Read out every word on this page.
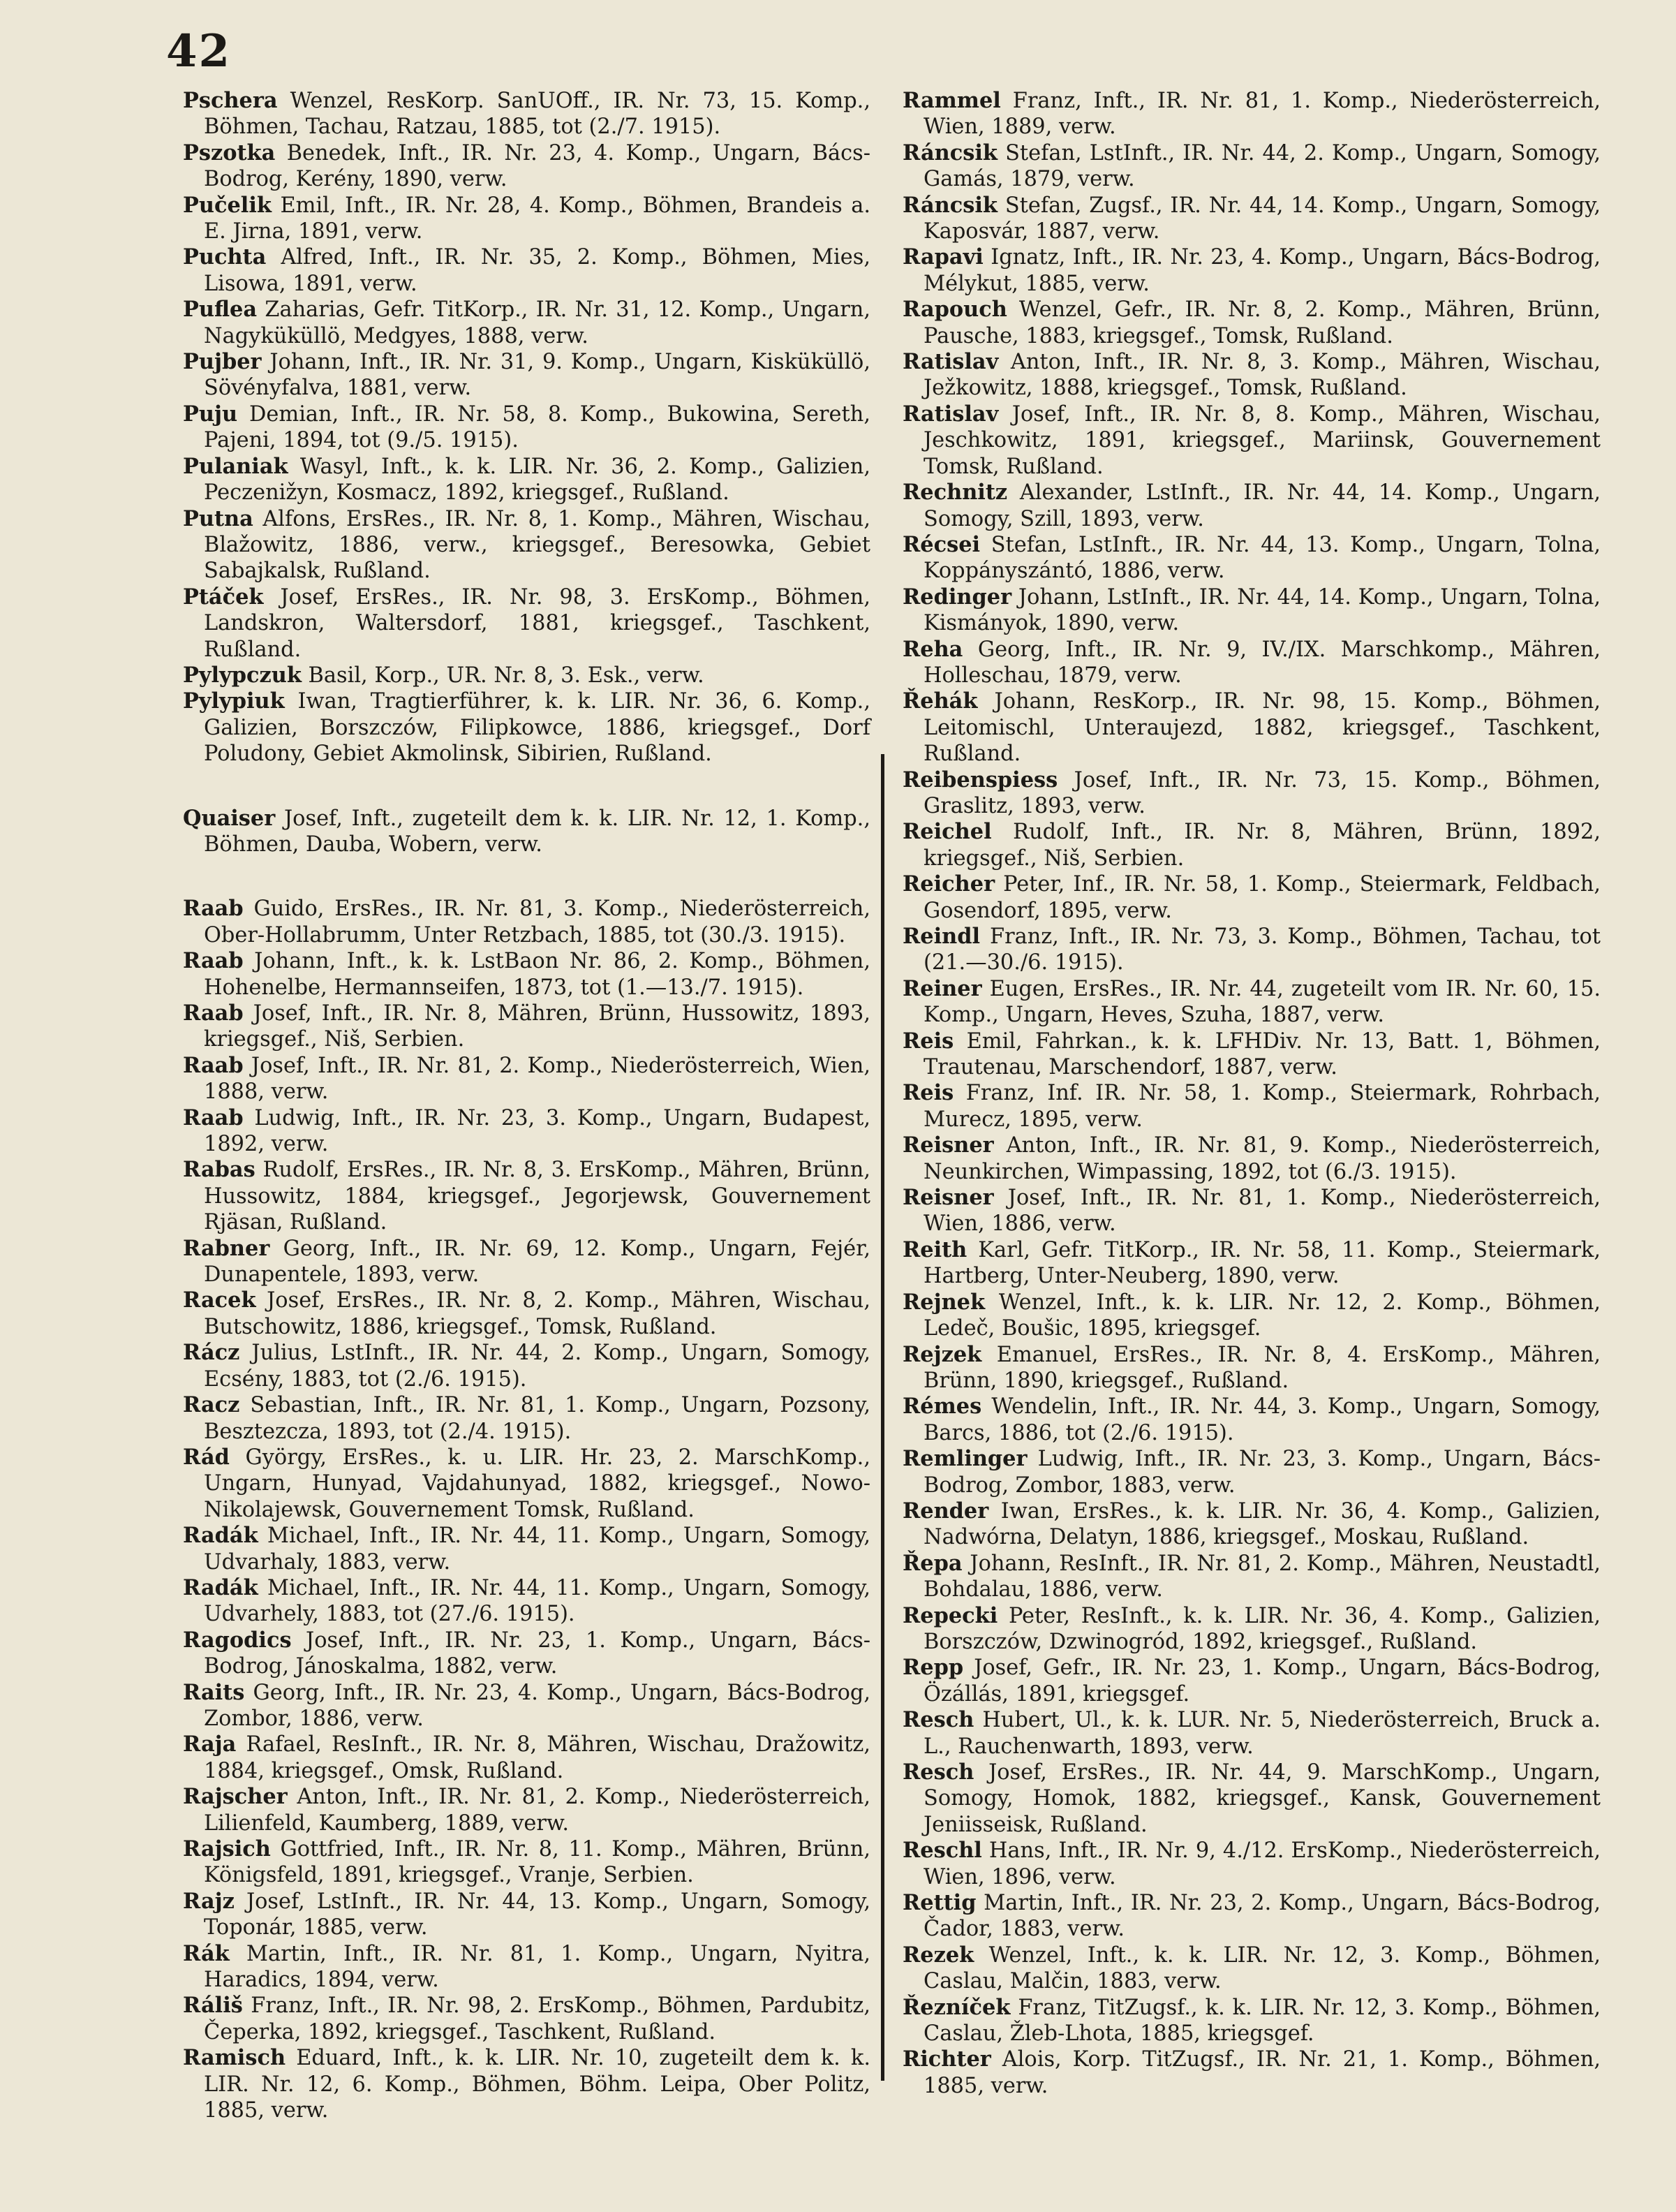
42

Pschera Wenzel, ResKorp. SanUOff., IR. Nr. 73, 15. Komp., Böhmen, Tachau, Ratzau, 1885, tot (2./7. 1915).

Pszotka Benedek, Inft., IR. Nr. 23, 4. Komp., Ungarn, Bács-Bodrog, Kerény, 1890, verw.

Pučelik Emil, Inft., IR. Nr. 28, 4. Komp., Böhmen, Brandeis a. E. Jirna, 1891, verw.

Puchta Alfred, Inft., IR. Nr. 35, 2. Komp., Böhmen, Mies, Lisowa, 1891, verw.

Puflea Zaharias, Gefr. TitKorp., IR. Nr. 31, 12. Komp., Ungarn, Nagyküküllö, Medgyes, 1888, verw.

Pujber Johann, Inft., IR. Nr. 31, 9. Komp., Ungarn, Kisküküllö, Sövényfalva, 1881, verw.

Puju Demian, Inft., IR. Nr. 58, 8. Komp., Bukowina, Sereth, Pajeni, 1894, tot (9./5. 1915).

Pulaniak Wasyl, Inft., k. k. LIR. Nr. 36, 2. Komp., Galizien, Peczenižyn, Kosmacz, 1892, kriegsgef., Rußland.

Putna Alfons, ErsRes., IR. Nr. 8, 1. Komp., Mähren, Wischau, Blažowitz, 1886, verw., kriegsgef., Beresowka, Gebiet Sabajkalsk, Rußland.

Ptáček Josef, ErsRes., IR. Nr. 98, 3. ErsKomp., Böhmen, Landskron, Waltersdorf, 1881, kriegsgef., Taschkent, Rußland.

Pylypczuk Basil, Korp., UR. Nr. 8, 3. Esk., verw.

Pylypiuk Iwan, Tragtierführer, k. k. LIR. Nr. 36, 6. Komp., Galizien, Borszczów, Filipkowce, 1886, kriegsgef., Dorf Poludony, Gebiet Akmolinsk, Sibirien, Rußland.

Quaiser Josef, Inft., zugeteilt dem k. k. LIR. Nr. 12, 1. Komp., Böhmen, Dauba, Wobern, verw.

Raab Guido, ErsRes., IR. Nr. 81, 3. Komp., Niederösterreich, Ober-Hollabrumm, Unter Retzbach, 1885, tot (30./3. 1915).

Raab Johann, Inft., k. k. LstBaon Nr. 86, 2. Komp., Böhmen, Hohenelbe, Hermannseifen, 1873, tot (1.—13./7. 1915).

Raab Josef, Inft., IR. Nr. 8, Mähren, Brünn, Hussowitz, 1893, kriegsgef., Niš, Serbien.

Raab Josef, Inft., IR. Nr. 81, 2. Komp., Niederösterreich, Wien, 1888, verw.

Raab Ludwig, Inft., IR. Nr. 23, 3. Komp., Ungarn, Budapest, 1892, verw.

Rabas Rudolf, ErsRes., IR. Nr. 8, 3. ErsKomp., Mähren, Brünn, Hussowitz, 1884, kriegsgef., Jegorjewsk, Gouvernement Rjäsan, Rußland.

Rabner Georg, Inft., IR. Nr. 69, 12. Komp., Ungarn, Fejér, Dunapentele, 1893, verw.

Racek Josef, ErsRes., IR. Nr. 8, 2. Komp., Mähren, Wischau, Butschowitz, 1886, kriegsgef., Tomsk, Rußland.

Rácz Julius, LstInft., IR. Nr. 44, 2. Komp., Ungarn, Somogy, Ecsény, 1883, tot (2./6. 1915).

Racz Sebastian, Inft., IR. Nr. 81, 1. Komp., Ungarn, Pozsony, Besztezcza, 1893, tot (2./4. 1915).

Rád György, ErsRes., k. u. LIR. Hr. 23, 2. MarschKomp., Ungarn, Hunyad, Vajdahunyad, 1882, kriegsgef., Nowo-Nikolajewsk, Gouvernement Tomsk, Rußland.

Radák Michael, Inft., IR. Nr. 44, 11. Komp., Ungarn, Somogy, Udvarhaly, 1883, verw.

Radák Michael, Inft., IR. Nr. 44, 11. Komp., Ungarn, Somogy, Udvarhely, 1883, tot (27./6. 1915).

Ragodics Josef, Inft., IR. Nr. 23, 1. Komp., Ungarn, Bács-Bodrog, Jánoskalma, 1882, verw.

Raits Georg, Inft., IR. Nr. 23, 4. Komp., Ungarn, Bács-Bodrog, Zombor, 1886, verw.

Raja Rafael, ResInft., IR. Nr. 8, Mähren, Wischau, Dražowitz, 1884, kriegsgef., Omsk, Rußland.

Rajscher Anton, Inft., IR. Nr. 81, 2. Komp., Niederösterreich, Lilienfeld, Kaumberg, 1889, verw.

Rajsich Gottfried, Inft., IR. Nr. 8, 11. Komp., Mähren, Brünn, Königsfeld, 1891, kriegsgef., Vranje, Serbien.

Rajz Josef, LstInft., IR. Nr. 44, 13. Komp., Ungarn, Somogy, Toponár, 1885, verw.

Rák Martin, Inft., IR. Nr. 81, 1. Komp., Ungarn, Nyitra, Haradics, 1894, verw.

Ráliš Franz, Inft., IR. Nr. 98, 2. ErsKomp., Böhmen, Pardubitz, Čeperka, 1892, kriegsgef., Taschkent, Rußland.

Ramisch Eduard, Inft., k. k. LIR. Nr. 10, zugeteilt dem k. k. LIR. Nr. 12, 6. Komp., Böhmen, Böhm. Leipa, Ober Politz, 1885, verw.

Rammel Franz, Inft., IR. Nr. 81, 1. Komp., Niederösterreich, Wien, 1889, verw.

Ráncsik Stefan, LstInft., IR. Nr. 44, 2. Komp., Ungarn, Somogy, Gamás, 1879, verw.

Ráncsik Stefan, Zugsf., IR. Nr. 44, 14. Komp., Ungarn, Somogy, Kaposvár, 1887, verw.

Rapavi Ignatz, Inft., IR. Nr. 23, 4. Komp., Ungarn, Bács-Bodrog, Mélykut, 1885, verw.

Rapouch Wenzel, Gefr., IR. Nr. 8, 2. Komp., Mähren, Brünn, Pausche, 1883, kriegsgef., Tomsk, Rußland.

Ratislav Anton, Inft., IR. Nr. 8, 3. Komp., Mähren, Wischau, Ježkowitz, 1888, kriegsgef., Tomsk, Rußland.

Ratislav Josef, Inft., IR. Nr. 8, 8. Komp., Mähren, Wischau, Jeschkowitz, 1891, kriegsgef., Mariinsk, Gouvernement Tomsk, Rußland.

Rechnitz Alexander, LstInft., IR. Nr. 44, 14. Komp., Ungarn, Somogy, Szill, 1893, verw.

Récsei Stefan, LstInft., IR. Nr. 44, 13. Komp., Ungarn, Tolna, Koppányszántó, 1886, verw.

Redinger Johann, LstInft., IR. Nr. 44, 14. Komp., Ungarn, Tolna, Kismányok, 1890, verw.

Reha Georg, Inft., IR. Nr. 9, IV./IX. Marschkomp., Mähren, Holleschau, 1879, verw.

Řehák Johann, ResKorp., IR. Nr. 98, 15. Komp., Böhmen, Leitomischl, Unteraujezd, 1882, kriegsgef., Taschkent, Rußland.

Reibenspiess Josef, Inft., IR. Nr. 73, 15. Komp., Böhmen, Graslitz, 1893, verw.

Reichel Rudolf, Inft., IR. Nr. 8, Mähren, Brünn, 1892, kriegsgef., Niš, Serbien.

Reicher Peter, Inf., IR. Nr. 58, 1. Komp., Steiermark, Feldbach, Gosendorf, 1895, verw.

Reindl Franz, Inft., IR. Nr. 73, 3. Komp., Böhmen, Tachau, tot (21.—30./6. 1915).

Reiner Eugen, ErsRes., IR. Nr. 44, zugeteilt vom IR. Nr. 60, 15. Komp., Ungarn, Heves, Szuha, 1887, verw.

Reis Emil, Fahrkan., k. k. LFHDiv. Nr. 13, Batt. 1, Böhmen, Trautenau, Marschendorf, 1887, verw.

Reis Franz, Inf. IR. Nr. 58, 1. Komp., Steiermark, Rohrbach, Murecz, 1895, verw.

Reisner Anton, Inft., IR. Nr. 81, 9. Komp., Niederösterreich, Neunkirchen, Wimpassing, 1892, tot (6./3. 1915).

Reisner Josef, Inft., IR. Nr. 81, 1. Komp., Niederösterreich, Wien, 1886, verw.

Reith Karl, Gefr. TitKorp., IR. Nr. 58, 11. Komp., Steiermark, Hartberg, Unter-Neuberg, 1890, verw.

Rejnek Wenzel, Inft., k. k. LIR. Nr. 12, 2. Komp., Böhmen, Ledeč, Boušic, 1895, kriegsgef.

Rejzek Emanuel, ErsRes., IR. Nr. 8, 4. ErsKomp., Mähren, Brünn, 1890, kriegsgef., Rußland.

Rémes Wendelin, Inft., IR. Nr. 44, 3. Komp., Ungarn, Somogy, Barcs, 1886, tot (2./6. 1915).

Remlinger Ludwig, Inft., IR. Nr. 23, 3. Komp., Ungarn, Bács-Bodrog, Zombor, 1883, verw.

Render Iwan, ErsRes., k. k. LIR. Nr. 36, 4. Komp., Galizien, Nadwórna, Delatyn, 1886, kriegsgef., Moskau, Rußland.

Řepa Johann, ResInft., IR. Nr. 81, 2. Komp., Mähren, Neustadtl, Bohdalau, 1886, verw.

Repecki Peter, ResInft., k. k. LIR. Nr. 36, 4. Komp., Galizien, Borszczów, Dzwinogród, 1892, kriegsgef., Rußland.

Repp Josef, Gefr., IR. Nr. 23, 1. Komp., Ungarn, Bács-Bodrog, Özállás, 1891, kriegsgef.

Resch Hubert, Ul., k. k. LUR. Nr. 5, Niederösterreich, Bruck a. L., Rauchenwarth, 1893, verw.

Resch Josef, ErsRes., IR. Nr. 44, 9. MarschKomp., Ungarn, Somogy, Homok, 1882, kriegsgef., Kansk, Gouvernement Jeniisseisk, Rußland.

Reschl Hans, Inft., IR. Nr. 9, 4./12. ErsKomp., Niederösterreich, Wien, 1896, verw.

Rettig Martin, Inft., IR. Nr. 23, 2. Komp., Ungarn, Bács-Bodrog, Čador, 1883, verw.

Rezek Wenzel, Inft., k. k. LIR. Nr. 12, 3. Komp., Böhmen, Caslau, Malčin, 1883, verw.

Řezníček Franz, TitZugsf., k. k. LIR. Nr. 12, 3. Komp., Böhmen, Caslau, Žleb-Lhota, 1885, kriegsgef.

Richter Alois, Korp. TitZugsf., IR. Nr. 21, 1. Komp., Böhmen, 1885, verw.
